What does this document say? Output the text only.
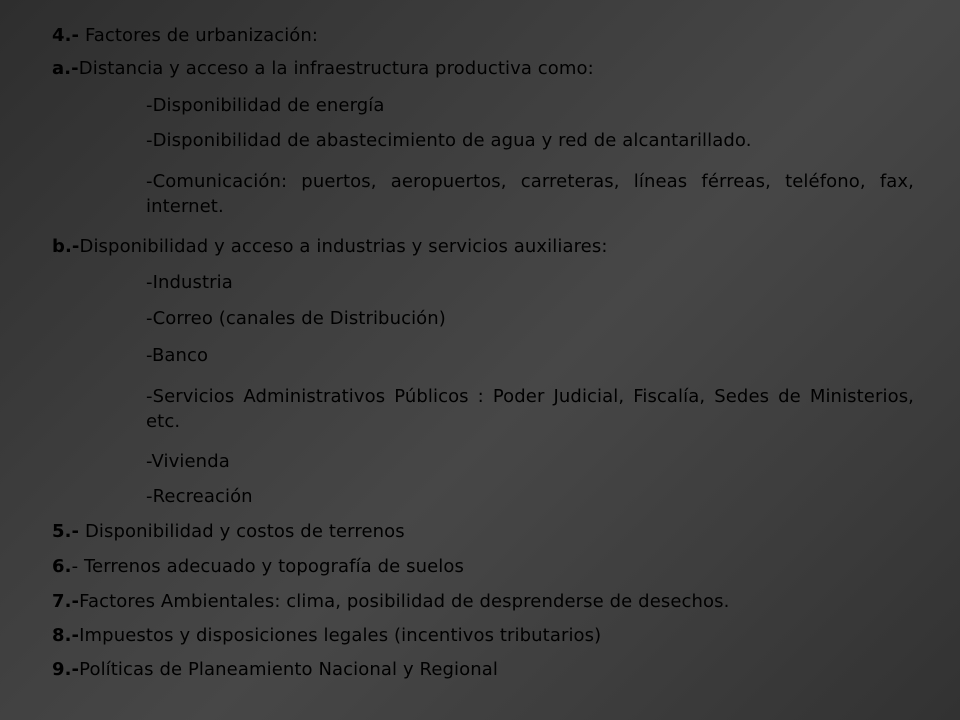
4.- Factores de urbanización:
a.-Distancia y acceso a la infraestructura productiva como:
-Disponibilidad de energía
-Disponibilidad de abastecimiento de agua y red de alcantarillado.
-Comunicación: puertos, aeropuertos, carreteras, líneas férreas, teléfono, fax, internet.
b.-Disponibilidad y acceso a industrias y servicios auxiliares:
-Industria
-Correo (canales de Distribución)
-Banco
-Servicios Administrativos Públicos : Poder Judicial, Fiscalía, Sedes de Ministerios, etc.
-Vivienda
-Recreación
5.- Disponibilidad y costos de terrenos
6.- Terrenos adecuado y topografía de suelos
7.-Factores Ambientales: clima, posibilidad de desprenderse de desechos.
8.-Impuestos y disposiciones legales (incentivos tributarios)
9.-Políticas de Planeamiento Nacional y Regional
